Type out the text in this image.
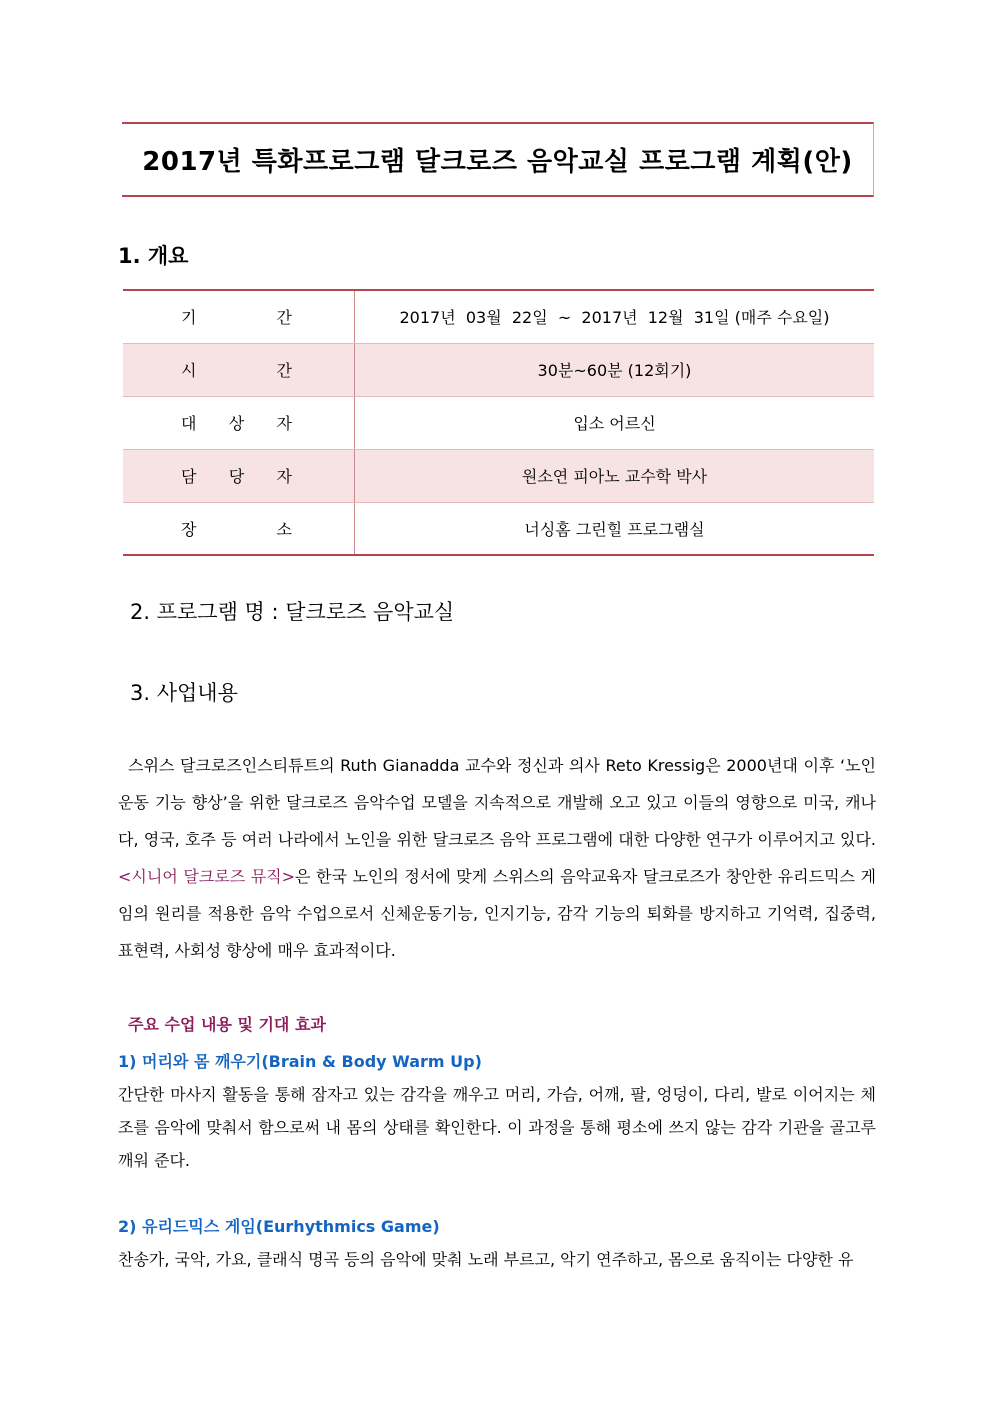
2017년 특화프로그램 달크로즈 음악교실 프로그램 계획(안)
1. 개요
기 간	2017년  03월  22일  ~  2017년  12월  31일 (매주 수요일)

시 간	30분~60분 (12회기)

대 상 자	입소 어르신

담 당 자	원소연 피아노 교수학 박사

장 소	너싱홈 그린힐 프로그램실
2. 프로그램 명 : 달크로즈 음악교실
3. 사업내용

스위스 달크로즈인스티튜트의 Ruth Gianadda 교수와 정신과 의사 Reto Kressig은 2000년대 이후 ‘노인 운동 기능 향상’을 위한 달크로즈 음악수업 모델을 지속적으로 개발해 오고 있고 이들의 영향으로 미국, 캐나다, 영국, 호주 등 여러 나라에서 노인을 위한 달크로즈 음악 프로그램에 대한 다양한 연구가 이루어지고 있다. <시니어 달크로즈 뮤직>은 한국 노인의 정서에 맞게 스위스의 음악교육자 달크로즈가 창안한 유리드믹스 게임의 원리를 적용한 음악 수업으로서 신체운동기능, 인지기능, 감각 기능의 퇴화를 방지하고 기억력, 집중력, 표현력, 사회성 향상에 매우 효과적이다.

주요 수업 내용 및 기대 효과

1) 머리와 몸 깨우기(Brain & Body Warm Up)

간단한 마사지 활동을 통해 잠자고 있는 감각을 깨우고 머리, 가슴, 어깨, 팔, 엉덩이, 다리, 발로 이어지는 체조를 음악에 맞춰서 함으로써 내 몸의 상태를 확인한다. 이 과정을 통해 평소에 쓰지 않는 감각 기관을 골고루 깨워 준다.

2) 유리드믹스 게임(Eurhythmics Game)

찬송가, 국악, 가요, 클래식 명곡 등의 음악에 맞춰 노래 부르고, 악기 연주하고, 몸으로 움직이는 다양한 유
